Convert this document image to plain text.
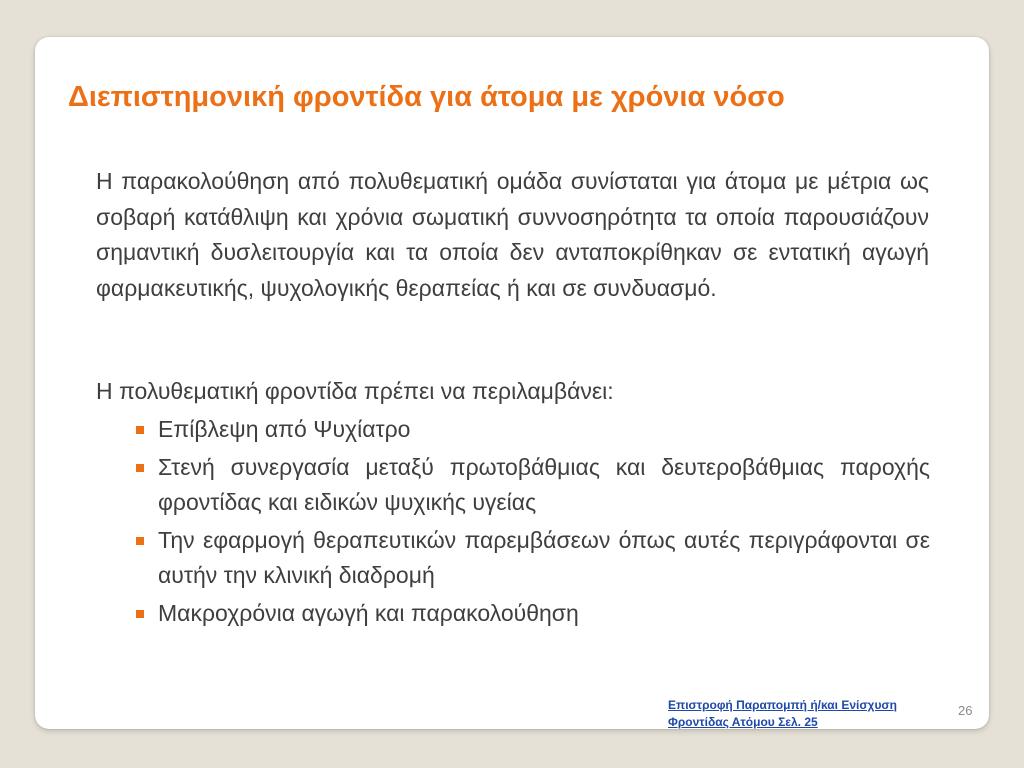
Διεπιστημονική φροντίδα για άτομα με χρόνια νόσο

Η παρακολούθηση από πολυθεματική ομάδα συνίσταται για άτομα με μέτρια ως σοβαρή κατάθλιψη και χρόνια σωματική συννοσηρότητα τα οποία παρουσιάζουν σημαντική δυσλειτουργία και τα οποία δεν ανταποκρίθηκαν σε εντατική αγωγή φαρμακευτικής, ψυχολογικής θεραπείας ή και σε συνδυασμό.

Η πολυθεματική φροντίδα πρέπει να περιλαμβάνει:

Επίβλεψη από Ψυχίατρο
Στενή συνεργασία μεταξύ πρωτοβάθμιας και δευτεροβάθμιας παροχής φροντίδας και ειδικών ψυχικής υγείας
Την εφαρμογή θεραπευτικών παρεμβάσεων όπως αυτές περιγράφονται σε αυτήν την κλινική διαδρομή
Μακροχρόνια αγωγή και παρακολούθηση
Επιστροφή Παραπομπή ή/και Ενίσχυση
Φροντίδας Ατόμου Σελ. 25
26
